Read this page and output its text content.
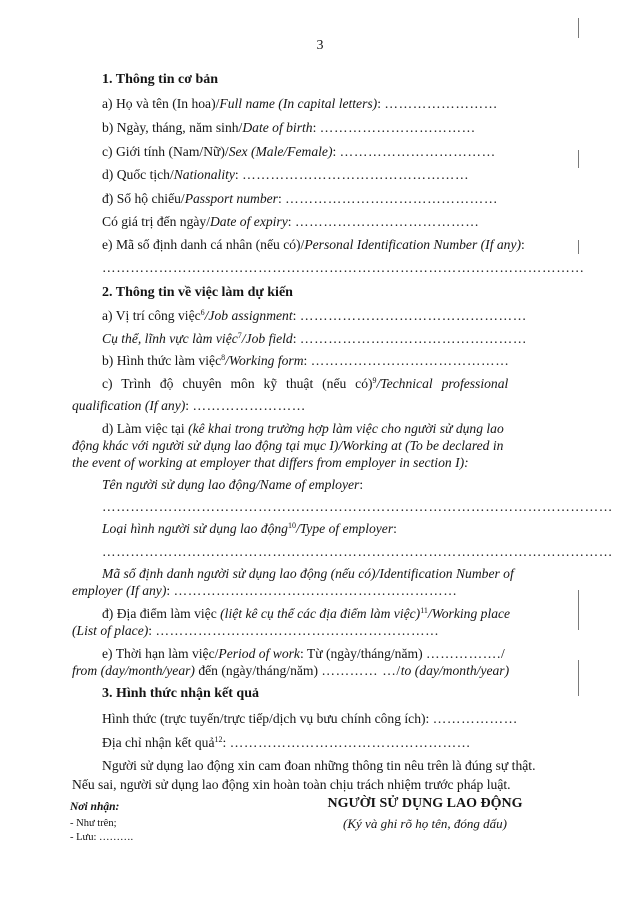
3
1. Thông tin cơ bản
a) Họ và tên (In hoa)/Full name (In capital letters): ……………………
b) Ngày, tháng, năm sinh/Date of birth: ……………………………
c) Giới tính (Nam/Nữ)/Sex (Male/Female): ……………………………
d) Quốc tịch/Nationality: …………………………………………
đ) Số hộ chiếu/Passport number: ………………………………………
Có giá trị đến ngày/Date of expiry: …………………………………
e) Mã số định danh cá nhân (nếu có)/Personal Identification Number (If any):
…………………………………………………………………………………………
2. Thông tin về việc làm dự kiến
a) Vị trí công việc$^6$/Job assignment: …………………………………………
Cụ thể, lĩnh vực làm việc$^7$/Job field: …………………………………………
b) Hình thức làm việc$^8$/Working form: ……………………………………
c) Trình độ chuyên môn kỹ thuật (nếu có)$^9$/Technical professional
qualification (If any): ……………………
d) Làm việc tại (kê khai trong trường hợp làm việc cho người sử dụng lao
động khác với người sử dụng lao động tại mục I)/Working at (To be declared in
the event of working at employer that differs from employer in section I):
Tên người sử dụng lao động/Name of employer:
………………………………………………………………………………………………
Loại hình người sử dụng lao động$^{10}$/Type of employer:
………………………………………………………………………………………………
Mã số định danh người sử dụng lao động (nếu có)/Identification Number of
employer (If any): ……………………………………………………
đ) Địa điểm làm việc (liệt kê cụ thể các địa điểm làm việc)$^{11}$/Working place
(List of place): ……………………………………………………
e) Thời hạn làm việc/Period of work: Từ (ngày/tháng/năm) ……………./
from (day/month/year) đến (ngày/tháng/năm) ………… …/to (day/month/year)
3. Hình thức nhận kết quả
Hình thức (trực tuyến/trực tiếp/dịch vụ bưu chính công ích): ………………
Địa chỉ nhận kết quả$^{12}$: ……………………………………………
Người sử dụng lao động xin cam đoan những thông tin nêu trên là đúng sự thật.
Nếu sai, người sử dụng lao động xin hoàn toàn chịu trách nhiệm trước pháp luật.
Nơi nhận:
- Như trên;
- Lưu: ……….
NGƯỜI SỬ DỤNG LAO ĐỘNG
(Ký và ghi rõ họ tên, đóng dấu)
